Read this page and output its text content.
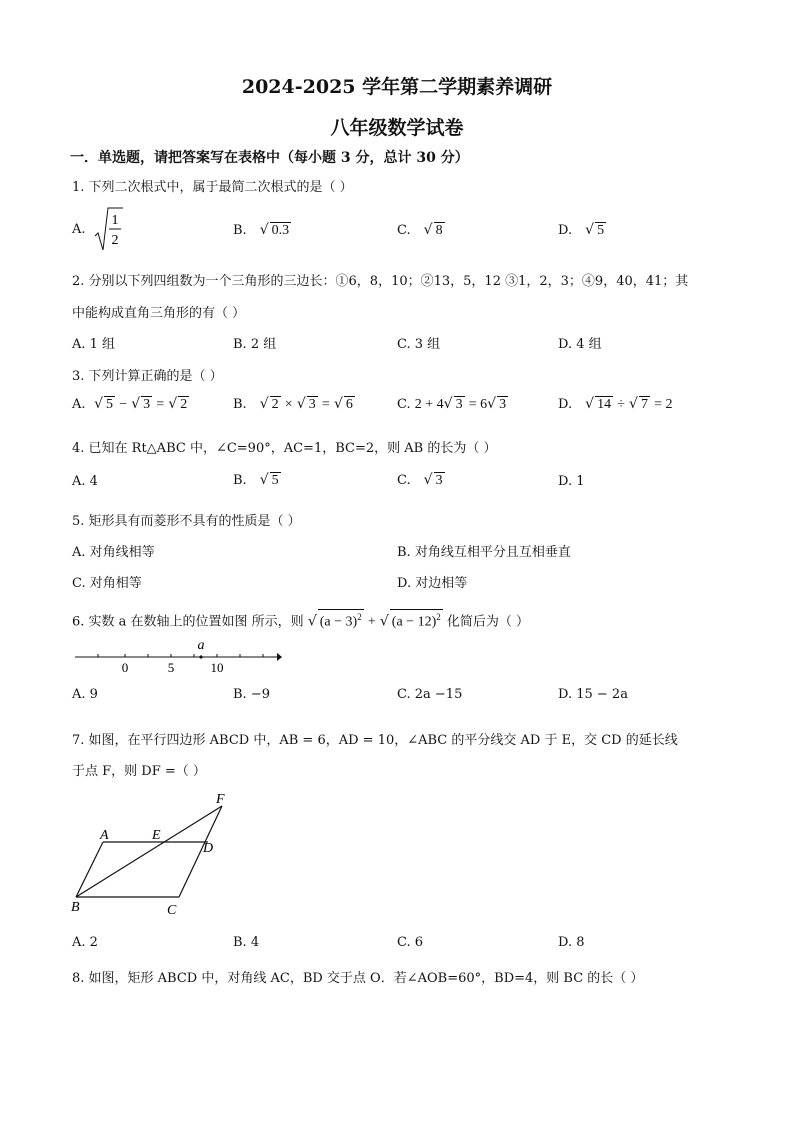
2024-2025 学年第二学期素养调研
八年级数学试卷
一．单选题，请把答案写在表格中（每小题 3 分，总计 30 分）
1. 下列二次根式中，属于最简二次根式的是（ ）
A.
1
2
B.   √ 0.3	C.   √ 8	D.   √ 5
2. 分别以下列四组数为一个三角形的三边长：①6，8，10；②13，5，12 ③1，2，3；④9，40，41；其
中能构成直角三角形的有（ ）
A. 1 组	B. 2 组	C. 3 组	D. 4 组
3. 下列计算正确的是（ ）
A.  √ 5 − √ 3 = √ 2	B.   √ 2 × √ 3 = √ 6	C. 2 + 4√ 3 = 6√ 3	D.   √ 14 ÷ √ 7 = 2
4. 已知在 Rt△ABC 中，∠C=90°，AC=1，BC=2，则 AB 的长为（ ）
A. 4	B.   √ 5	C.   √ 3	D. 1
5. 矩形具有而菱形不具有的性质是（ ）
A. 对角线相等	B. 对角线互相平分且互相垂直
C. 对角相等	D. 对边相等
6. 实数 a 在数轴上的位置如图 所示，则 √ $(a - 3)^2$ + √ $(a - 12)^2$ 化简后为（ ）
0	5	10
a
A. 9	B. −9	C. 2a −15	D. 15 − 2a
7. 如图，在平行四边形 ABCD 中，AB = 6，AD = 10，∠ABC 的平分线交 AD 于 E，交 CD 的延长线
于点 F，则 DF =（ ）
A	E
D
F
B	C
A. 2	B. 4	C. 6	D. 8
8. 如图，矩形 ABCD 中，对角线 AC，BD 交于点 O．若∠AOB=60°，BD=4，则 BC 的长（ ）
